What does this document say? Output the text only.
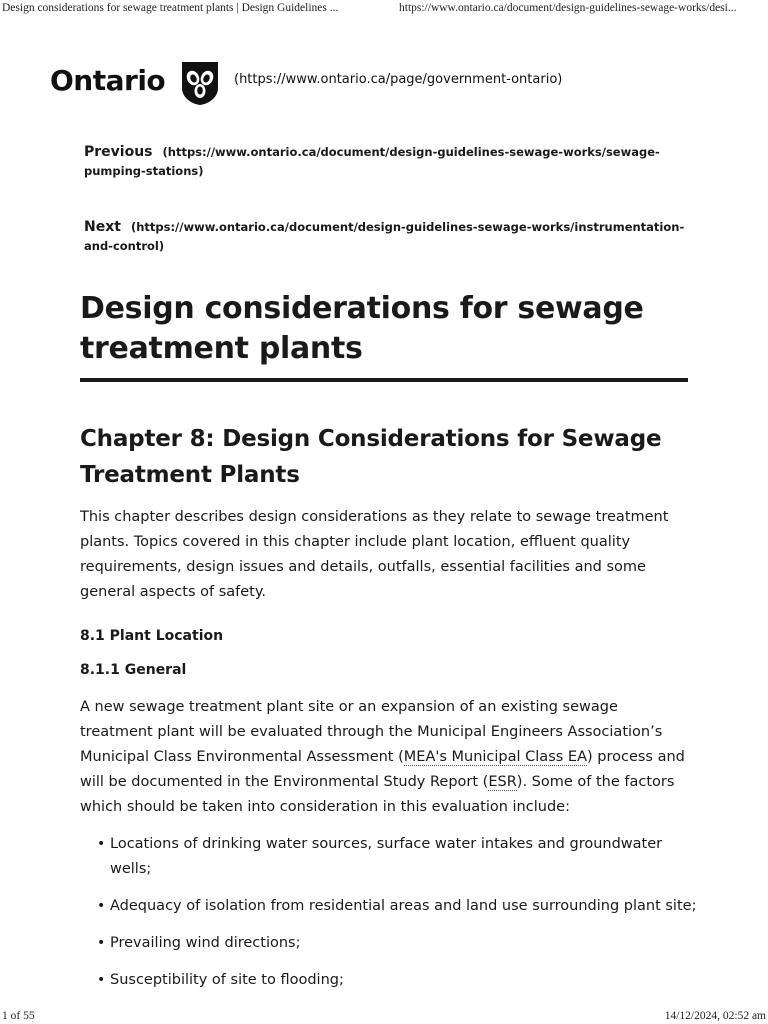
Design considerations for sewage treatment plants | Design Guidelines ...	https://www.ontario.ca/document/design-guidelines-sewage-works/desi...
Ontario	(https://www.ontario.ca/page/government-ontario)
Previous (https://www.ontario.ca/document/design-guidelines-sewage-works/sewage-pumping-stations)
Next (https://www.ontario.ca/document/design-guidelines-sewage-works/instrumentation-and-control)
Design considerations for sewage treatment plants
Chapter 8: Design Considerations for Sewage Treatment Plants

This chapter describes design considerations as they relate to sewage treatment plants. Topics covered in this chapter include plant location, effluent quality requirements, design issues and details, outfalls, essential facilities and some general aspects of safety.

8.1 Plant Location
8.1.1 General

A new sewage treatment plant site or an expansion of an existing sewage treatment plant will be evaluated through the Municipal Engineers Association’s Municipal Class Environmental Assessment (MEA's Municipal Class EA) process and will be documented in the Environmental Study Report (ESR). Some of the factors which should be taken into consideration in this evaluation include:

• Locations of drinking water sources, surface water intakes and groundwater wells;
• Adequacy of isolation from residential areas and land use surrounding plant site;
• Prevailing wind directions;
• Susceptibility of site to flooding;
1 of 55	14/12/2024, 02:52 am
